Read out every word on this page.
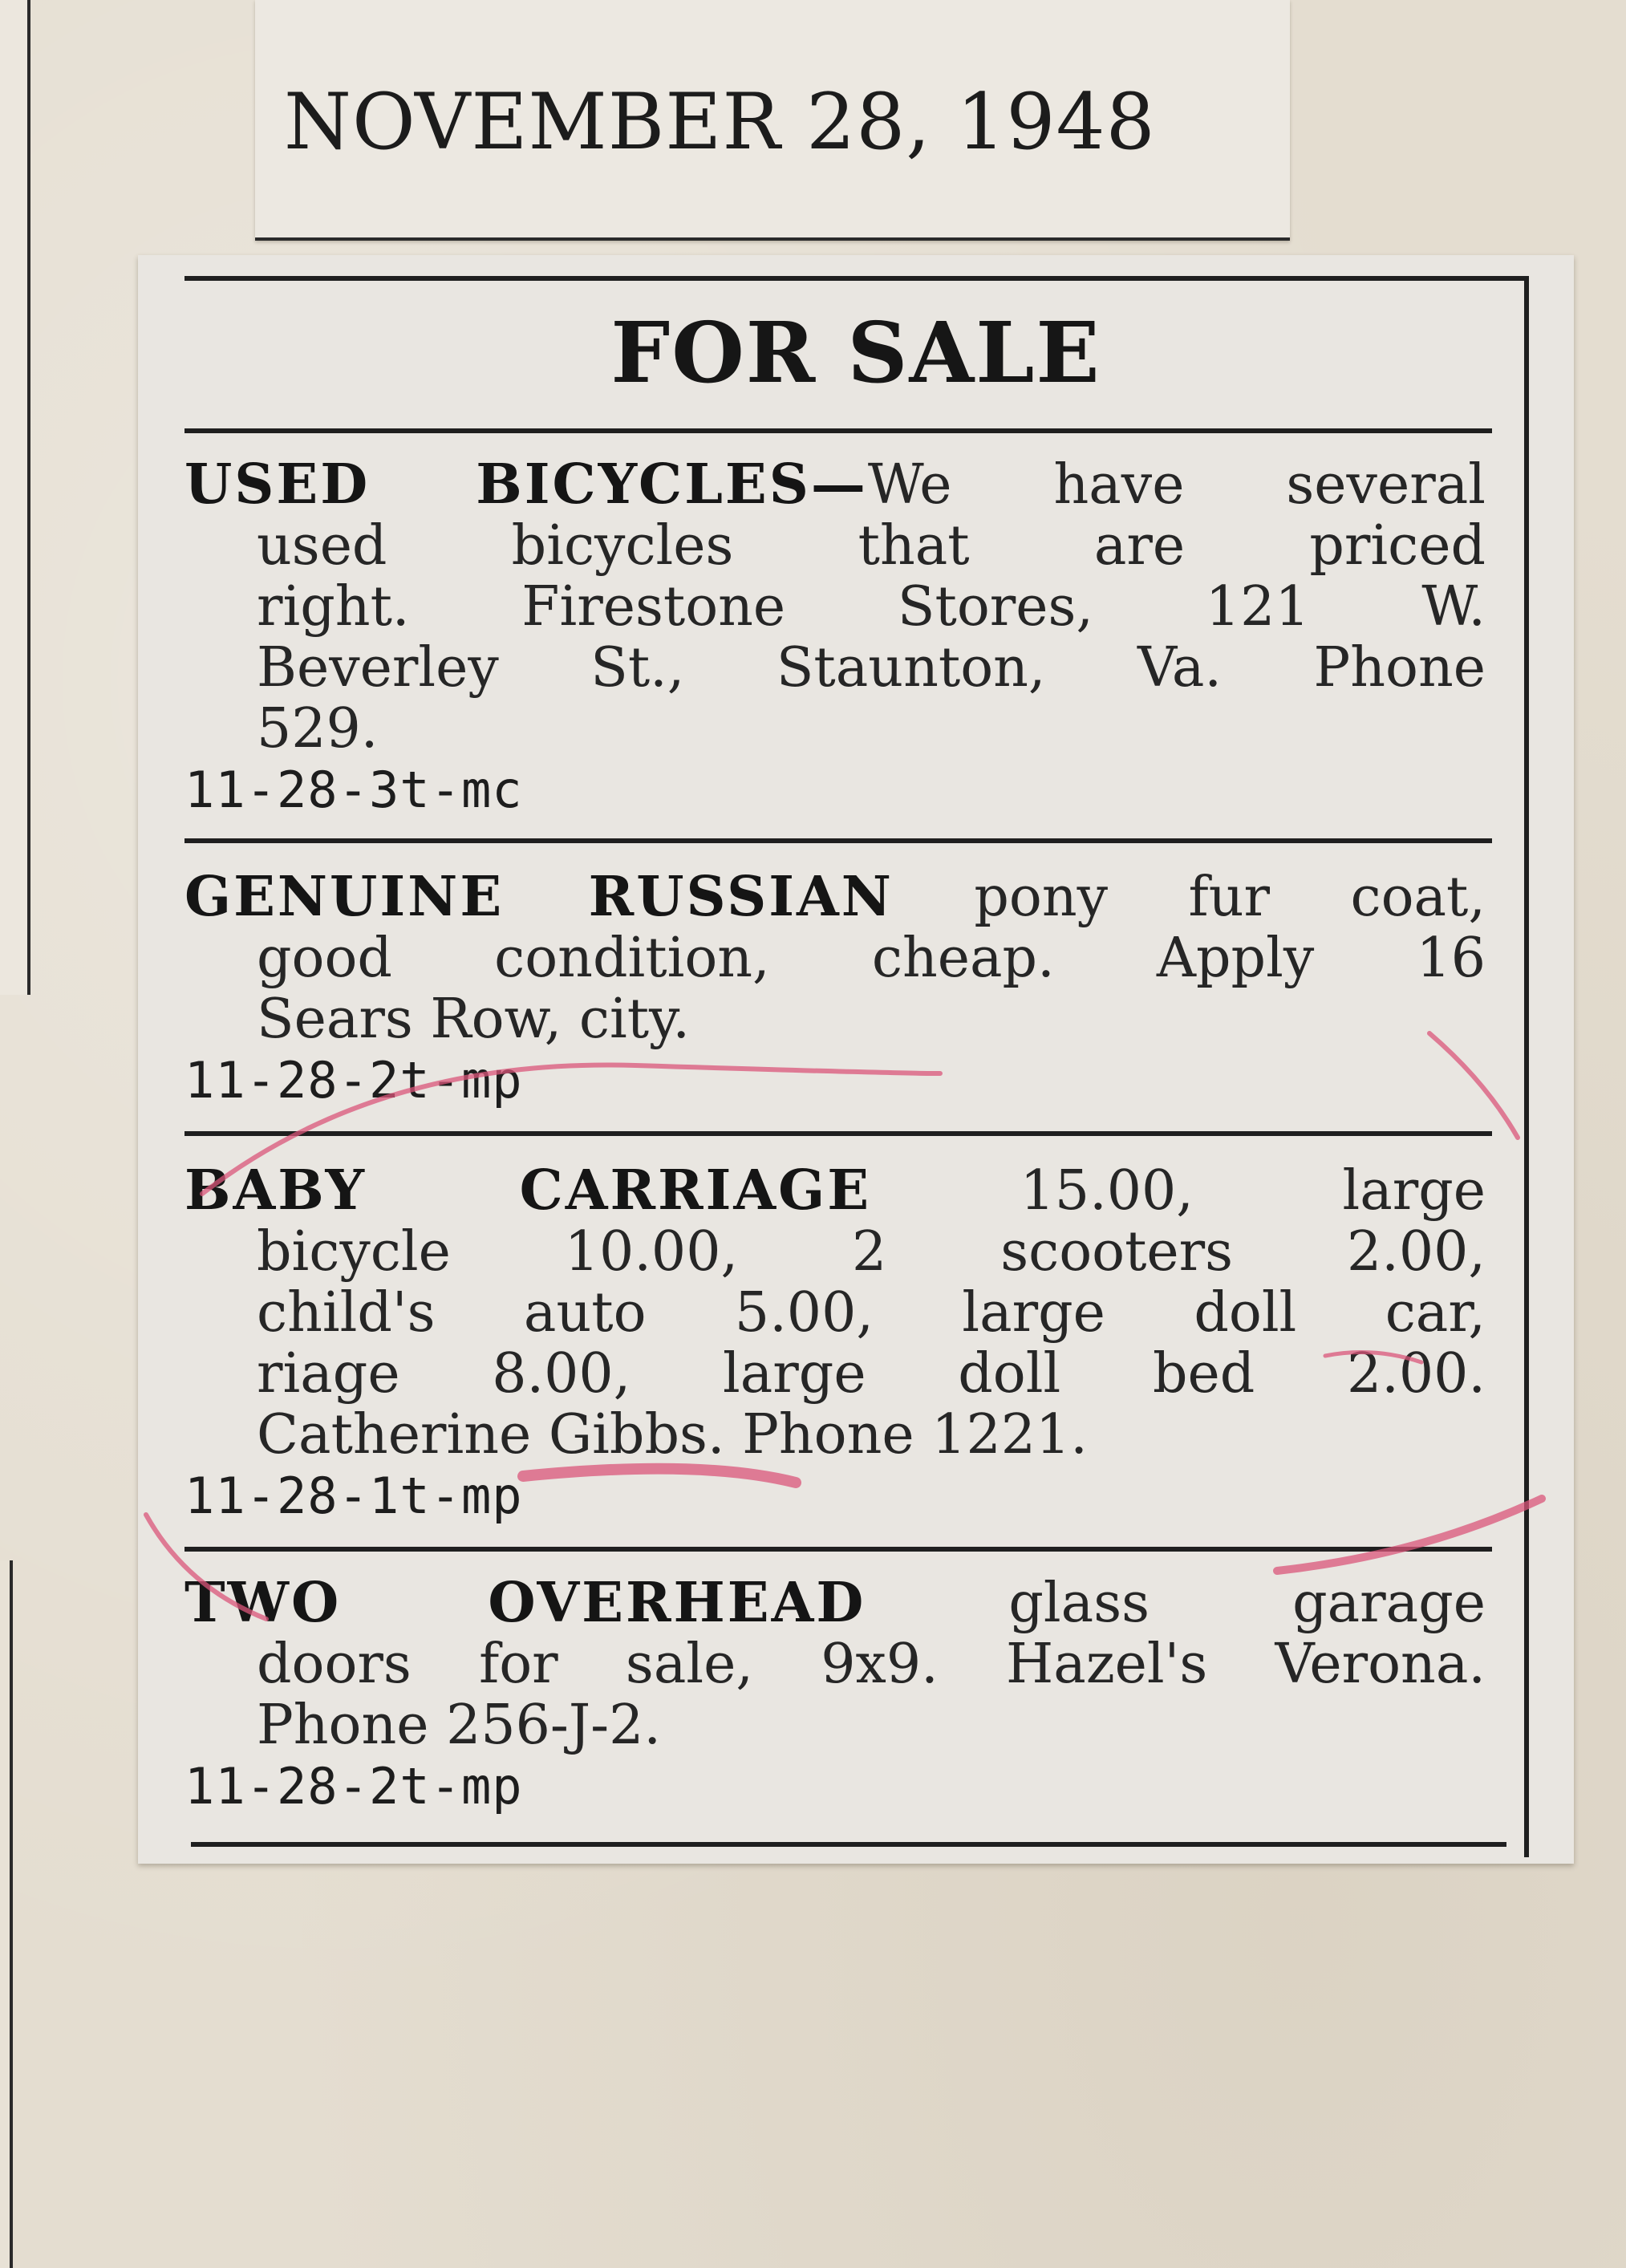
NOVEMBER 28, 1948
FOR SALE
USED BICYCLES—We have several
used bicycles that are priced
right. Firestone Stores, 121 W.
Beverley St., Staunton, Va. Phone
529.
11-28-3t-mc
GENUINE RUSSIAN pony fur coat,
good condition, cheap. Apply 16
Sears Row, city.
11-28-2t-mp
BABY CARRIAGE	15.00, large
bicycle 10.00, 2 scooters 2.00,
child's auto 5.00, large doll car,
riage 8.00, large doll bed 2.00.
Catherine Gibbs. Phone 1221.
11-28-1t-mp
TWO OVERHEAD	glass garage
doors for sale, 9x9. Hazel's Verona.
Phone 256-J-2.
11-28-2t-mp
